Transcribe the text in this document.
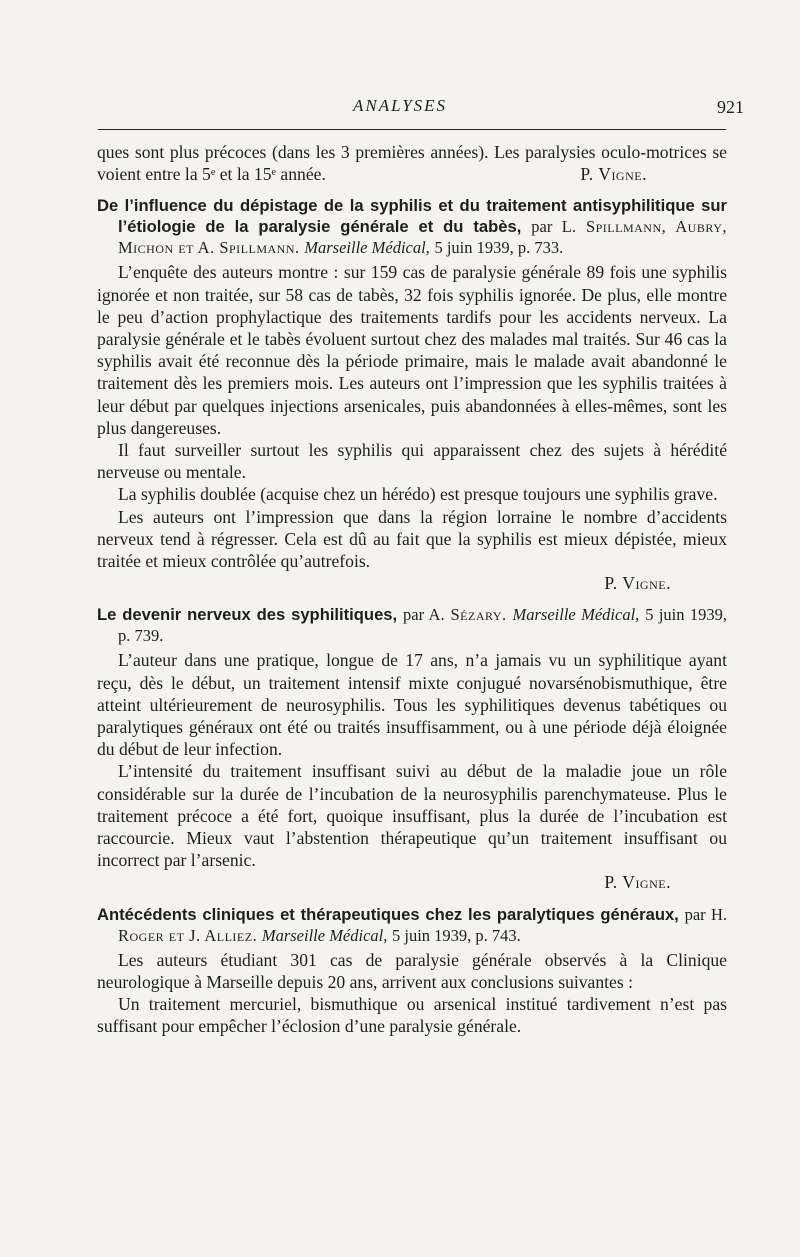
ANALYSES	921

ques sont plus précoces (dans les 3 premières années). Les paralysies oculo-motrices se voient entre la 5ᵉ et la 15ᵉ année.	P. Vigne.

De l’influence du dépistage de la syphilis et du traitement antisyphilitique sur l’étiologie de la paralysie générale et du tabès, par L. Spillmann, Aubry, Michon et A. Spillmann. Marseille Médical, 5 juin 1939, p. 733.

L’enquête des auteurs montre : sur 159 cas de paralysie générale 89 fois une syphilis ignorée et non traitée, sur 58 cas de tabès, 32 fois syphilis ignorée. De plus, elle montre le peu d’action prophylactique des traitements tardifs pour les accidents nerveux. La paralysie générale et le tabès évoluent surtout chez des malades mal traités. Sur 46 cas la syphilis avait été reconnue dès la période primaire, mais le malade avait abandonné le traitement dès les premiers mois. Les auteurs ont l’impression que les syphilis traitées à leur début par quelques injections arsenicales, puis abandonnées à elles-mêmes, sont les plus dangereuses.

Il faut surveiller surtout les syphilis qui apparaissent chez des sujets à hérédité nerveuse ou mentale.

La syphilis doublée (acquise chez un hérédo) est presque toujours une syphilis grave.

Les auteurs ont l’impression que dans la région lorraine le nombre d’accidents nerveux tend à régresser. Cela est dû au fait que la syphilis est mieux dépistée, mieux traitée et mieux contrôlée qu’autrefois.

P. Vigne.

Le devenir nerveux des syphilitiques, par A. Sézary. Marseille Médical, 5 juin 1939, p. 739.

L’auteur dans une pratique, longue de 17 ans, n’a jamais vu un syphilitique ayant reçu, dès le début, un traitement intensif mixte conjugué novarsénobismuthique, être atteint ultérieurement de neurosyphilis. Tous les syphilitiques devenus tabétiques ou paralytiques généraux ont été ou traités insuffisamment, ou à une période déjà éloignée du début de leur infection.

L’intensité du traitement insuffisant suivi au début de la maladie joue un rôle considérable sur la durée de l’incubation de la neurosyphilis parenchymateuse. Plus le traitement précoce a été fort, quoique insuffisant, plus la durée de l’incubation est raccourcie. Mieux vaut l’abstention thérapeutique qu’un traitement insuffisant ou incorrect par l’arsenic.

P. Vigne.

Antécédents cliniques et thérapeutiques chez les paralytiques généraux, par H. Roger et J. Alliez. Marseille Médical, 5 juin 1939, p. 743.

Les auteurs étudiant 301 cas de paralysie générale observés à la Clinique neurologique à Marseille depuis 20 ans, arrivent aux conclusions suivantes :

Un traitement mercuriel, bismuthique ou arsenical institué tardivement n’est pas suffisant pour empêcher l’éclosion d’une paralysie générale.
